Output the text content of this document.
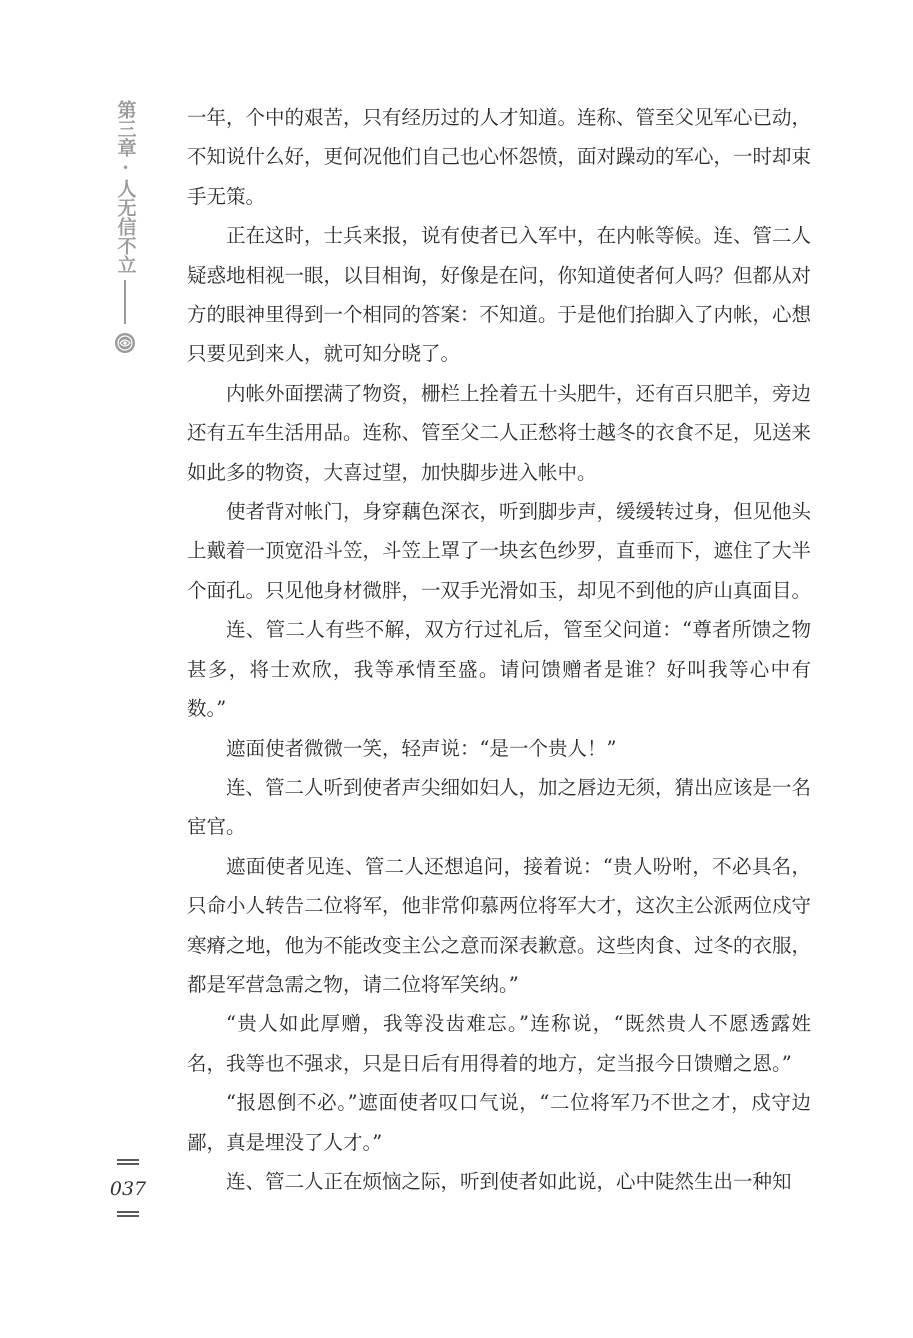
第三章·人无信不立	一年，个中的艰苦，只有经历过的人才知道。连称、管至父见军心已动，不知说什么好，更何况他们自己也心怀怨愤，面对躁动的军心，一时却束手无策。

正在这时，士兵来报，说有使者已入军中，在内帐等候。连、管二人疑惑地相视一眼，以目相询，好像是在问，你知道使者何人吗？但都从对方的眼神里得到一个相同的答案：不知道。于是他们抬脚入了内帐，心想只要见到来人，就可知分晓了。

内帐外面摆满了物资，栅栏上拴着五十头肥牛，还有百只肥羊，旁边还有五车生活用品。连称、管至父二人正愁将士越冬的衣食不足，见送来如此多的物资，大喜过望，加快脚步进入帐中。

使者背对帐门，身穿藕色深衣，听到脚步声，缓缓转过身，但见他头上戴着一顶宽沿斗笠，斗笠上罩了一块玄色纱罗，直垂而下，遮住了大半个面孔。只见他身材微胖，一双手光滑如玉，却见不到他的庐山真面目。

连、管二人有些不解，双方行过礼后，管至父问道：“尊者所馈之物甚多，将士欢欣，我等承情至盛。请问馈赠者是谁？好叫我等心中有数。”

遮面使者微微一笑，轻声说：“是一个贵人！”

连、管二人听到使者声尖细如妇人，加之唇边无须，猜出应该是一名宦官。

遮面使者见连、管二人还想追问，接着说：“贵人吩咐，不必具名，只命小人转告二位将军，他非常仰慕两位将军大才，这次主公派两位戍守寒瘠之地，他为不能改变主公之意而深表歉意。这些肉食、过冬的衣服，都是军营急需之物，请二位将军笑纳。”

“贵人如此厚赠，我等没齿难忘。”连称说，“既然贵人不愿透露姓名，我等也不强求，只是日后有用得着的地方，定当报今日馈赠之恩。”

“报恩倒不必。”遮面使者叹口气说，“二位将军乃不世之才，戍守边鄙，真是埋没了人才。”

连、管二人正在烦恼之际，听到使者如此说，心中陡然生出一种知

037
